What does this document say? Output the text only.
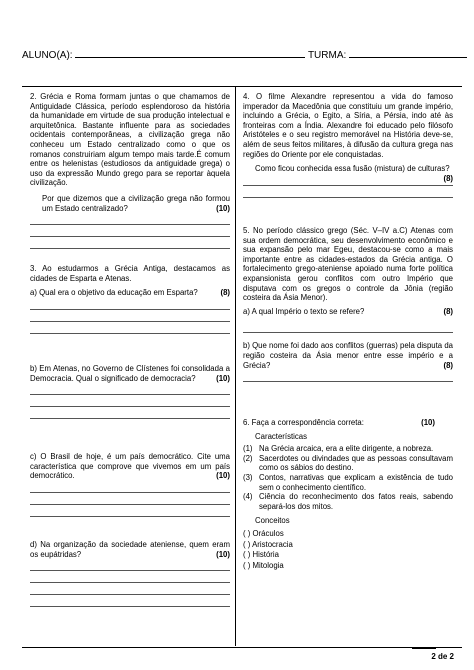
ALUNO(A):	TURMA:

2. Grécia e Roma formam juntas o que chamamos de Antiguidade Clássica, período esplendoroso da história da humanidade em virtude de sua produção intelectual e arquitetônica. Bastante influente para as sociedades ocidentais contemporâneas, a civilização grega não conheceu um Estado centralizado como o que os romanos construiriam algum tempo mais tarde.É comum entre os helenistas (estudiosos da antiguidade grega) o uso da expressão Mundo grego para se reportar àquela civilização.

Por que dizemos que a civilização grega não formou um Estado centralizado?	(10)

3. Ao estudarmos a Grécia Antiga, destacamos as cidades de Esparta e Atenas.

a) Qual era o objetivo da educação em Esparta?	(8)

b) Em Atenas, no Governo de Clístenes foi consolidada a Democracia. Qual o significado de democracia?	(10)

c) O Brasil de hoje, é um país democrático. Cite uma característica que comprove que vivemos em um país democrático.	(10)

d) Na organização da sociedade ateniense, quem eram os eupátridas?	(10)

4. O filme Alexandre representou a vida do famoso imperador da Macedônia que constituiu um grande império, incluindo a Grécia, o Egito, a Síria, a Pérsia, indo até às fronteiras com a Índia. Alexandre foi educado pelo filósofo Aristóteles e o seu registro memorável na História deve-se, além de seus feitos militares, à difusão da cultura grega nas regiões do Oriente por ele conquistadas.

Como ficou conhecida essa fusão (mistura) de culturas?
(8)

5. No período clássico grego (Séc. V–IV a.C) Atenas com sua ordem democrática, seu desenvolvimento econômico e sua expansão pelo mar Egeu, destacou-se como a mais importante entre as cidades-estados da Grécia antiga. O fortalecimento grego-ateniense apoiado numa forte política expansionista gerou conflitos com outro Império que disputava com os gregos o controle da Jônia (região costeira da Ásia Menor).

a) A qual Império o texto se refere?	(8)

b) Que nome foi dado aos conflitos (guerras) pela disputa da região costeira da Ásia menor entre esse império e a Grécia?	(8)

6. Faça a correspondência correta:	(10)

Características

(1) Na Grécia arcaica, era a elite dirigente, a nobreza.
(2) Sacerdotes ou divindades que as pessoas consultavam como os sábios do destino.
(3) Contos, narrativas que explicam a existência de tudo sem o conhecimento científico.
(4) Ciência do reconhecimento dos fatos reais, sabendo separá-los dos mitos.

Conceitos

( ) Oráculos
( ) Aristocracia
( ) História
( ) Mitologia
2 de 2
